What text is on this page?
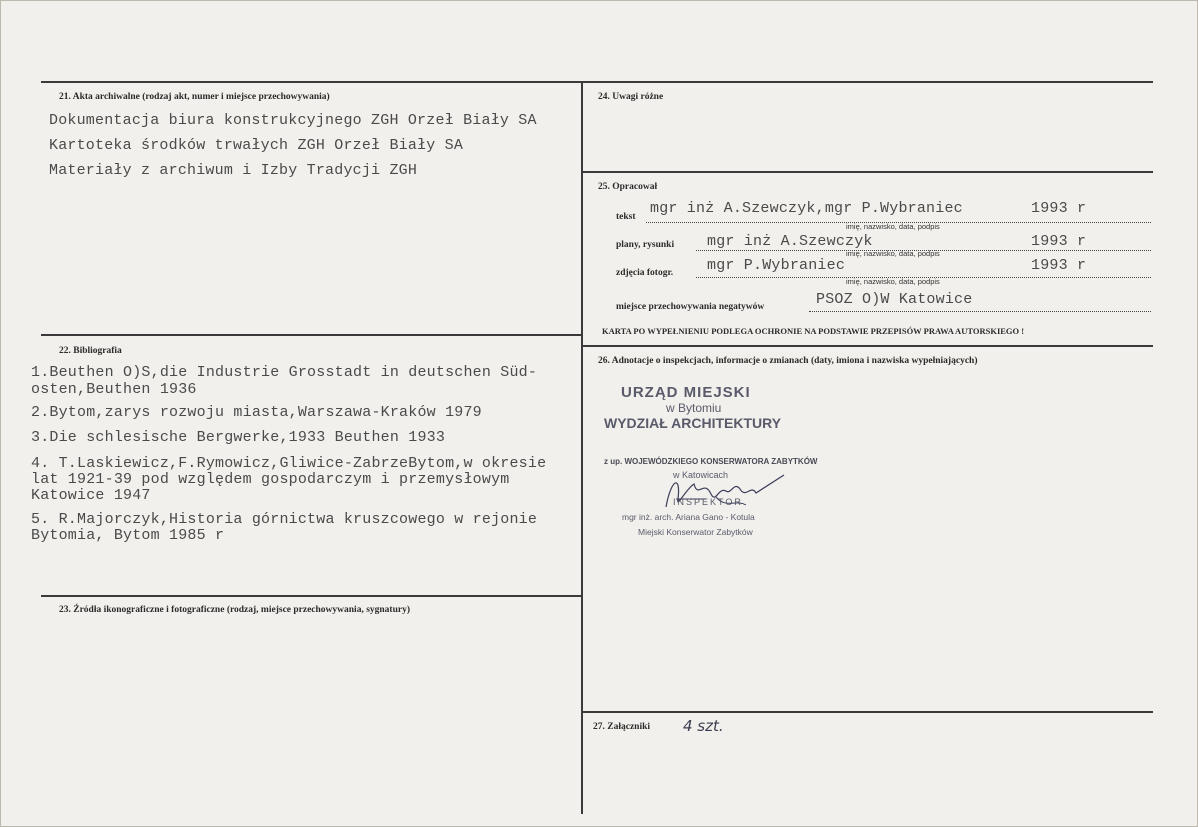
21. Akta archiwalne (rodzaj akt, numer i miejsce przechowywania)
Dokumentacja biura konstrukcyjnego ZGH Orzeł Biały SA
Kartoteka środków trwałych ZGH Orzeł Biały SA
Materiały z archiwum i Izby Tradycji ZGH
22. Bibliografia
1.Beuthen O)S,die Industrie Grosstadt in deutschen Süd-
osten,Beuthen 1936
2.Bytom,zarys rozwoju miasta,Warszawa-Kraków 1979
3.Die schlesische Bergwerke,1933 Beuthen 1933
4. T.Laskiewicz,F.Rymowicz,Gliwice-ZabrzeBytom,w okresie
lat 1921-39 pod względem gospodarczym i przemysłowym
Katowice 1947
5. R.Majorczyk,Historia górnictwa kruszcowego w rejonie
Bytomia, Bytom 1985 r
23. Źródła ikonograficzne i fotograficzne (rodzaj, miejsce przechowywania, sygnatury)
24. Uwagi różne
25. Opracował
tekst mgr inż A.Szewczyk,mgr P.Wybraniec	1993 r
imię, nazwisko, data, podpis
plany, rysunki mgr inż A.Szewczyk	1993 r
imię, nazwisko, data, podpis
zdjęcia fotogr. mgr P.Wybraniec	1993 r
imię, nazwisko, data, podpis
miejsce przechowywania negatywów	PSOZ O)W Katowice
KARTA PO WYPEŁNIENIU PODLEGA OCHRONIE NA PODSTAWIE PRZEPISÓW PRAWA AUTORSKIEGO !
26. Adnotacje o inspekcjach, informacje o zmianach (daty, imiona i nazwiska wypełniających)
URZĄD MIEJSKI
w Bytomiu
WYDZIAŁ ARCHITEKTURY
z up. WOJEWÓDZKIEGO KONSERWATORA ZABYTKÓW
w Katowicach
INSPEKTOR
mgr inż. arch. Ariana Gano - Kotula
Miejski Konserwator Zabytków
27. Załączniki 4 szt.
